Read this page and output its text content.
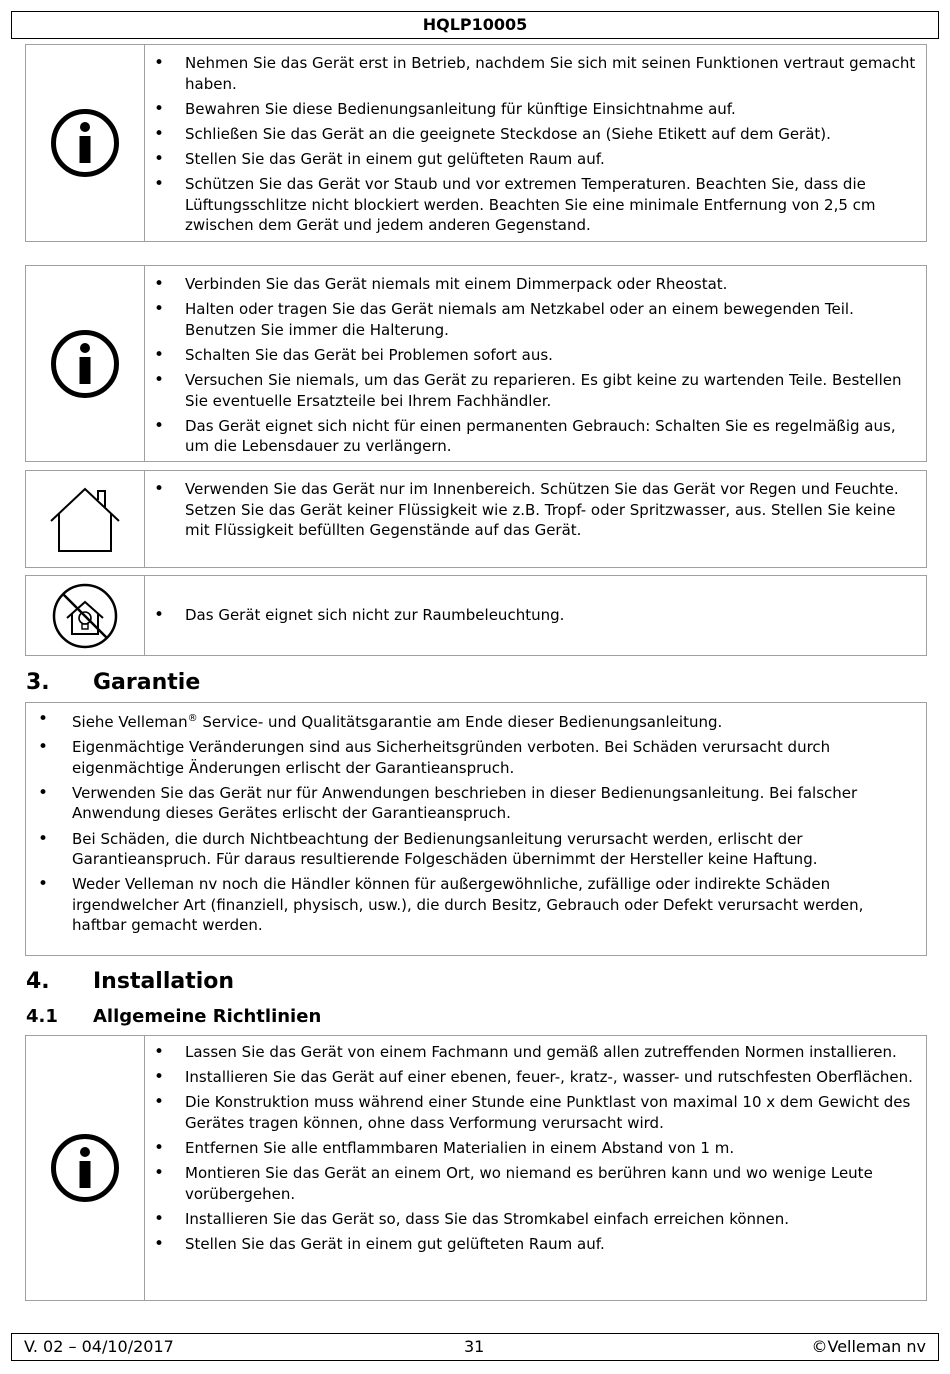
HQLP10005
• Nehmen Sie das Gerät erst in Betrieb, nachdem Sie sich mit seinen Funktionen vertraut gemacht haben.
• Bewahren Sie diese Bedienungsanleitung für künftige Einsichtnahme auf.
• Schließen Sie das Gerät an die geeignete Steckdose an (Siehe Etikett auf dem Gerät).
• Stellen Sie das Gerät in einem gut gelüfteten Raum auf.
• Schützen Sie das Gerät vor Staub und vor extremen Temperaturen. Beachten Sie, dass die Lüftungsschlitze nicht blockiert werden. Beachten Sie eine minimale Entfernung von 2,5 cm zwischen dem Gerät und jedem anderen Gegenstand.
• Verbinden Sie das Gerät niemals mit einem Dimmerpack oder Rheostat.
• Halten oder tragen Sie das Gerät niemals am Netzkabel oder an einem bewegenden Teil. Benutzen Sie immer die Halterung.
• Schalten Sie das Gerät bei Problemen sofort aus.
• Versuchen Sie niemals, um das Gerät zu reparieren. Es gibt keine zu wartenden Teile. Bestellen Sie eventuelle Ersatzteile bei Ihrem Fachhändler.
• Das Gerät eignet sich nicht für einen permanenten Gebrauch: Schalten Sie es regelmäßig aus, um die Lebensdauer zu verlängern.
• Verwenden Sie das Gerät nur im Innenbereich. Schützen Sie das Gerät vor Regen und Feuchte. Setzen Sie das Gerät keiner Flüssigkeit wie z.B. Tropf- oder Spritzwasser, aus. Stellen Sie keine mit Flüssigkeit befüllten Gegenstände auf das Gerät.
• Das Gerät eignet sich nicht zur Raumbeleuchtung.
3. Garantie
• Siehe Velleman® Service- und Qualitätsgarantie am Ende dieser Bedienungsanleitung.
• Eigenmächtige Veränderungen sind aus Sicherheitsgründen verboten. Bei Schäden verursacht durch eigenmächtige Änderungen erlischt der Garantieanspruch.
• Verwenden Sie das Gerät nur für Anwendungen beschrieben in dieser Bedienungsanleitung. Bei falscher Anwendung dieses Gerätes erlischt der Garantieanspruch.
• Bei Schäden, die durch Nichtbeachtung der Bedienungsanleitung verursacht werden, erlischt der Garantieanspruch. Für daraus resultierende Folgeschäden übernimmt der Hersteller keine Haftung.
• Weder Velleman nv noch die Händler können für außergewöhnliche, zufällige oder indirekte Schäden irgendwelcher Art (finanziell, physisch, usw.), die durch Besitz, Gebrauch oder Defekt verursacht werden, haftbar gemacht werden.
4. Installation
4.1 Allgemeine Richtlinien
• Lassen Sie das Gerät von einem Fachmann und gemäß allen zutreffenden Normen installieren.
• Installieren Sie das Gerät auf einer ebenen, feuer-, kratz-, wasser- und rutschfesten Oberflächen.
• Die Konstruktion muss während einer Stunde eine Punktlast von maximal 10 x dem Gewicht des Gerätes tragen können, ohne dass Verformung verursacht wird.
• Entfernen Sie alle entflammbaren Materialien in einem Abstand von 1 m.
• Montieren Sie das Gerät an einem Ort, wo niemand es berühren kann und wo wenige Leute vorübergehen.
• Installieren Sie das Gerät so, dass Sie das Stromkabel einfach erreichen können.
• Stellen Sie das Gerät in einem gut gelüfteten Raum auf.
V. 02 – 04/10/2017	31	©Velleman nv
